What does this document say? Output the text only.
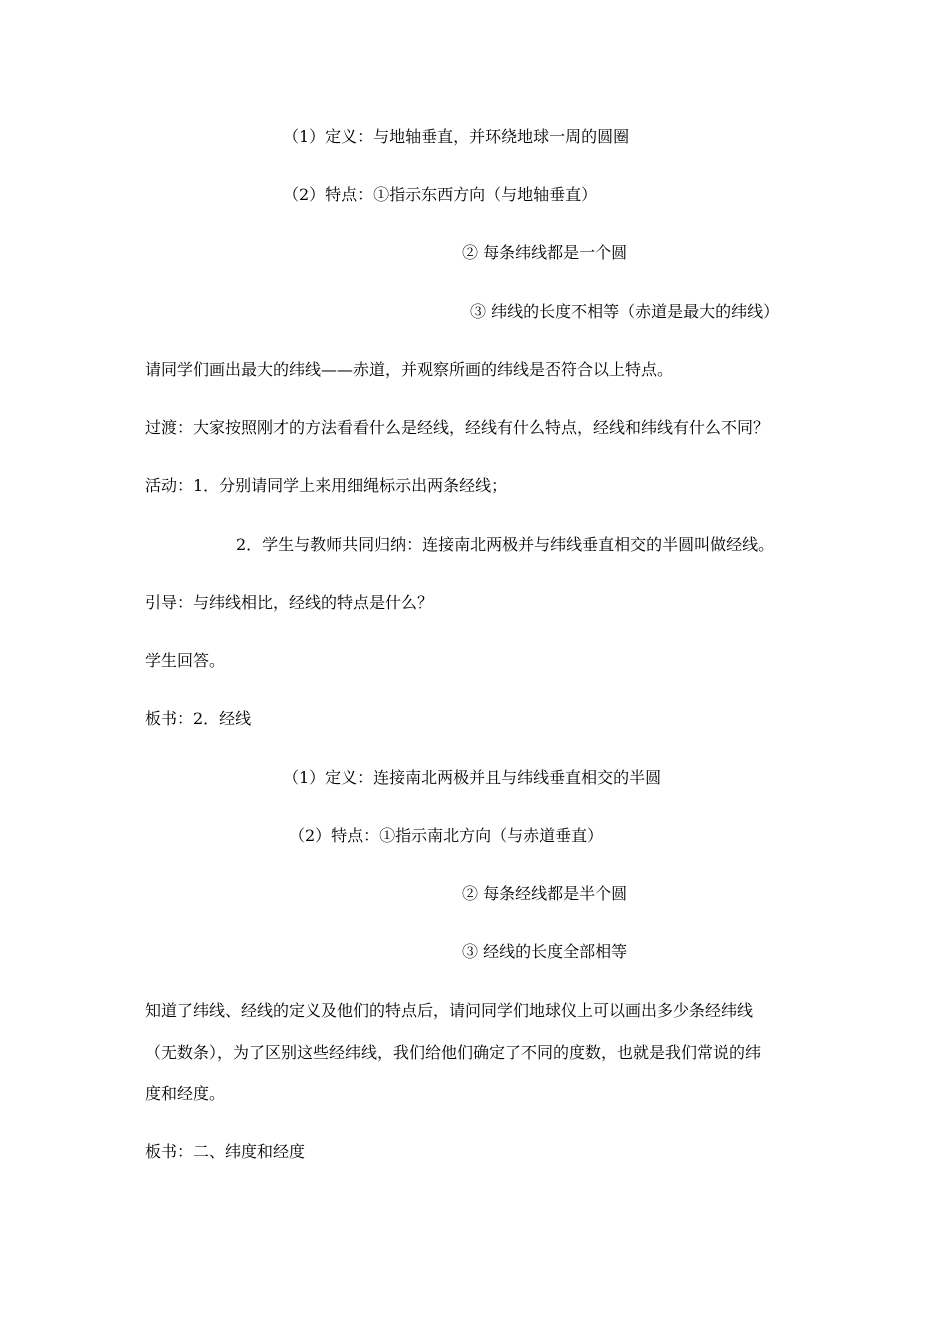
（1）定义：与地轴垂直，并环绕地球一周的圆圈

（2）特点：①指示东西方向（与地轴垂直）

② 每条纬线都是一个圆

③ 纬线的长度不相等（赤道是最大的纬线）

请同学们画出最大的纬线——赤道，并观察所画的纬线是否符合以上特点。

过渡：大家按照刚才的方法看看什么是经线，经线有什么特点，经线和纬线有什么不同？

活动：1．分别请同学上来用细绳标示出两条经线；

2．学生与教师共同归纳：连接南北两极并与纬线垂直相交的半圆叫做经线。

引导：与纬线相比，经线的特点是什么？

学生回答。

板书：2．经线

（1）定义：连接南北两极并且与纬线垂直相交的半圆

（2）特点：①指示南北方向（与赤道垂直）

② 每条经线都是半个圆

③ 经线的长度全部相等

知道了纬线、经线的定义及他们的特点后，请问同学们地球仪上可以画出多少条经纬线

（无数条），为了区别这些经纬线，我们给他们确定了不同的度数，也就是我们常说的纬

度和经度。

板书：二、纬度和经度
